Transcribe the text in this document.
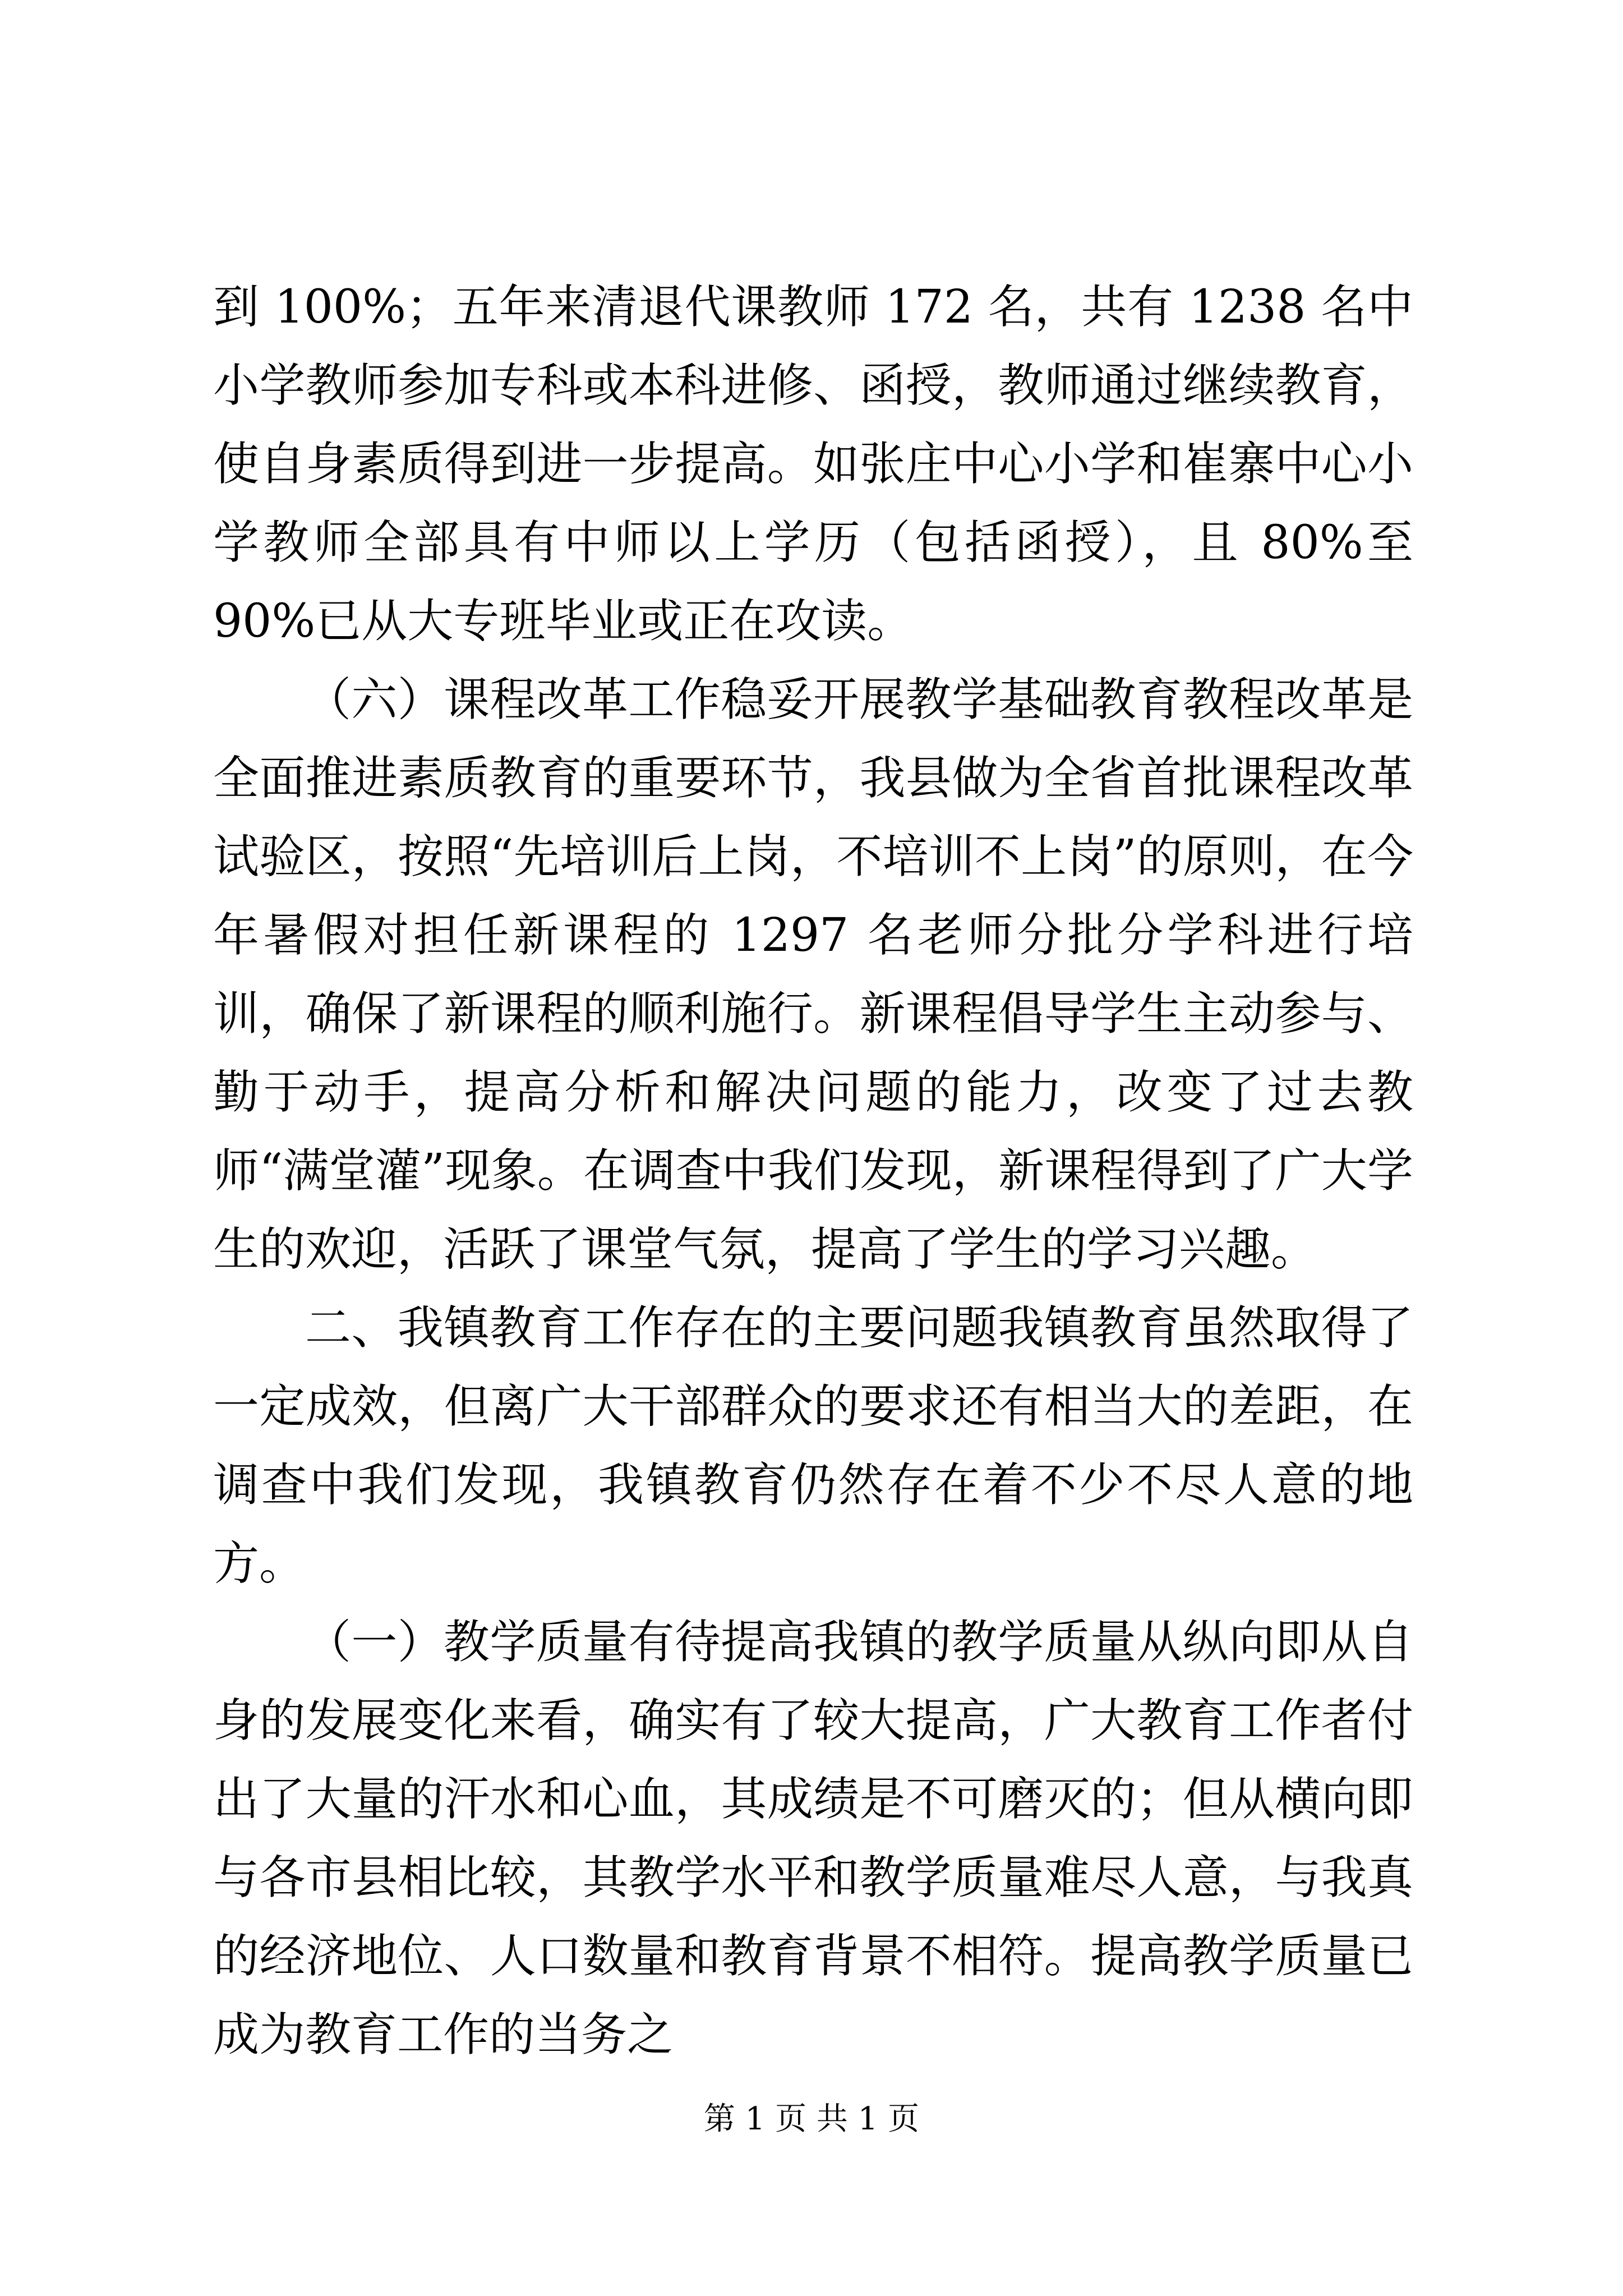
到 100%；五年来清退代课教师 172 名，共有 1238 名中小学教师参加专科或本科进修、函授，教师通过继续教育，使自身素质得到进一步提高。如张庄中心小学和崔寨中心小学教师全部具有中师以上学历（包括函授），且 80%至 90%已从大专班毕业或正在攻读。

（六）课程改革工作稳妥开展教学基础教育教程改革是全面推进素质教育的重要环节，我县做为全省首批课程改革试验区，按照“先培训后上岗，不培训不上岗”的原则，在今年暑假对担任新课程的 1297 名老师分批分学科进行培训，确保了新课程的顺利施行。新课程倡导学生主动参与、勤于动手，提高分析和解决问题的能力，改变了过去教师“满堂灌”现象。在调查中我们发现，新课程得到了广大学生的欢迎，活跃了课堂气氛，提高了学生的学习兴趣。

二、我镇教育工作存在的主要问题我镇教育虽然取得了一定成效，但离广大干部群众的要求还有相当大的差距，在调查中我们发现，我镇教育仍然存在着不少不尽人意的地方。

（一）教学质量有待提高我镇的教学质量从纵向即从自身的发展变化来看，确实有了较大提高，广大教育工作者付出了大量的汗水和心血，其成绩是不可磨灭的；但从横向即与各市县相比较，其教学水平和教学质量难尽人意，与我真的经济地位、人口数量和教育背景不相符。提高教学质量已成为教育工作的当务之

第 1 页 共 1 页
